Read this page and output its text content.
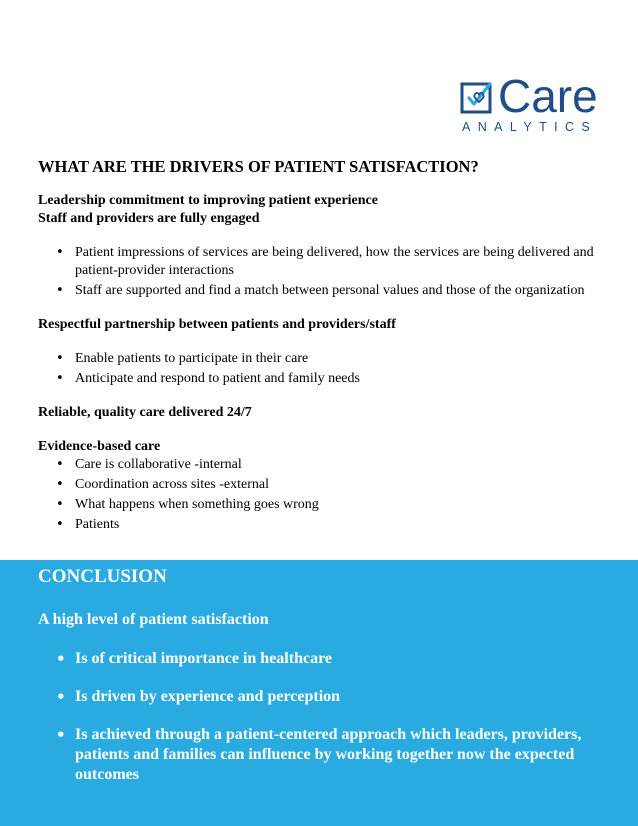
Care
ANALYTICS
WHAT ARE THE DRIVERS OF PATIENT SATISFACTION?

Leadership commitment to improving patient experience

Staff and providers are fully engaged

• Patient impressions of services are being delivered, how the services are being delivered and patient-provider interactions
• Staff are supported and find a match between personal values and those of the organization

Respectful partnership between patients and providers/staff

• Enable patients to participate in their care
• Anticipate and respond to patient and family needs

Reliable, quality care delivered 24/7

Evidence-based care

• Care is collaborative -internal
• Coordination across sites -external
• What happens when something goes wrong
• Patients

CONCLUSION

A high level of patient satisfaction

• Is of critical importance in healthcare
• Is driven by experience and perception
• Is achieved through a patient-centered approach which leaders, providers, patients and families can influence by working together now the expected outcomes
